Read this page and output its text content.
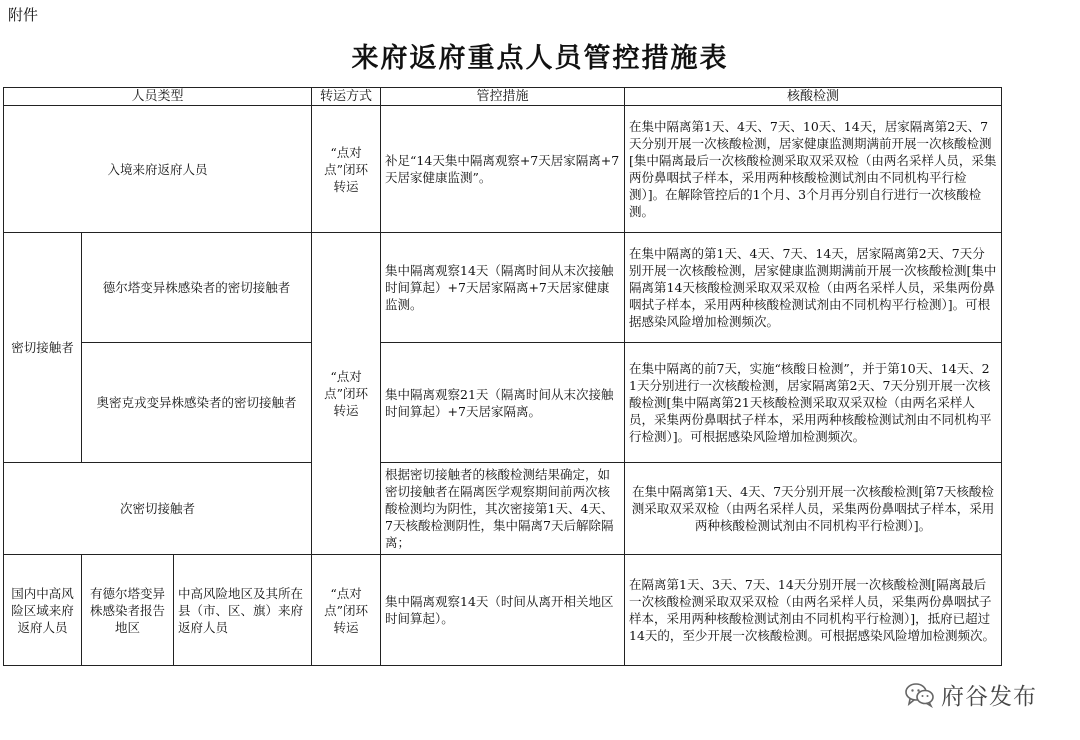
附件
来府返府重点人员管控措施表
人员类型			转运方式	管控措施	核酸检测
入境来府返府人员			“点对点”闭环转运	补足“14天集中隔离观察+7天居家隔离+7天居家健康监测”。	在集中隔离第1天、4天、7天、10天、14天，居家隔离第2天、7天分别开展一次核酸检测，居家健康监测期满前开展一次核酸检测[集中隔离最后一次核酸检测采取双采双检（由两名采样人员，采集两份鼻咽拭子样本，采用两种核酸检测试剂由不同机构平行检测）]。在解除管控后的1个月、3个月再分别自行进行一次核酸检测。
密切接触者	德尔塔变异株感染者的密切接触者		“点对点”闭环转运	集中隔离观察14天（隔离时间从末次接触时间算起）+7天居家隔离+7天居家健康监测。	在集中隔离的第1天、4天、7天、14天，居家隔离第2天、7天分别开展一次核酸检测，居家健康监测期满前开展一次核酸检测[集中隔离第14天核酸检测采取双采双检（由两名采样人员，采集两份鼻咽拭子样本，采用两种核酸检测试剂由不同机构平行检测）]。可根据感染风险增加检测频次。
	奥密克戎变异株感染者的密切接触者			集中隔离观察21天（隔离时间从末次接触时间算起）+7天居家隔离。	在集中隔离的前7天，实施“核酸日检测”，并于第10天、14天、21天分别进行一次核酸检测，居家隔离第2天、7天分别开展一次核酸检测[集中隔离第21天核酸检测采取双采双检（由两名采样人员，采集两份鼻咽拭子样本，采用两种核酸检测试剂由不同机构平行检测）]。可根据感染风险增加检测频次。
次密切接触者				根据密切接触者的核酸检测结果确定，如密切接触者在隔离医学观察期间前两次核酸检测均为阴性，其次密接第1天、4天、7天核酸检测阴性，集中隔离7天后解除隔离；	在集中隔离第1天、4天、7天分别开展一次核酸检测[第7天核酸检测采取双采双检（由两名采样人员，采集两份鼻咽拭子样本，采用两种核酸检测试剂由不同机构平行检测）]。
国内中高风险区域来府返府人员	有德尔塔变异株感染者报告地区	中高风险地区及其所在县（市、区、旗）来府返府人员	“点对点”闭环转运	集中隔离观察14天（时间从离开相关地区时间算起）。	在隔离第1天、3天、7天、14天分别开展一次核酸检测[隔离最后一次核酸检测采取双采双检（由两名采样人员，采集两份鼻咽拭子样本，采用两种核酸检测试剂由不同机构平行检测）]，抵府已超过14天的，至少开展一次核酸检测。可根据感染风险增加检测频次。
府谷发布
